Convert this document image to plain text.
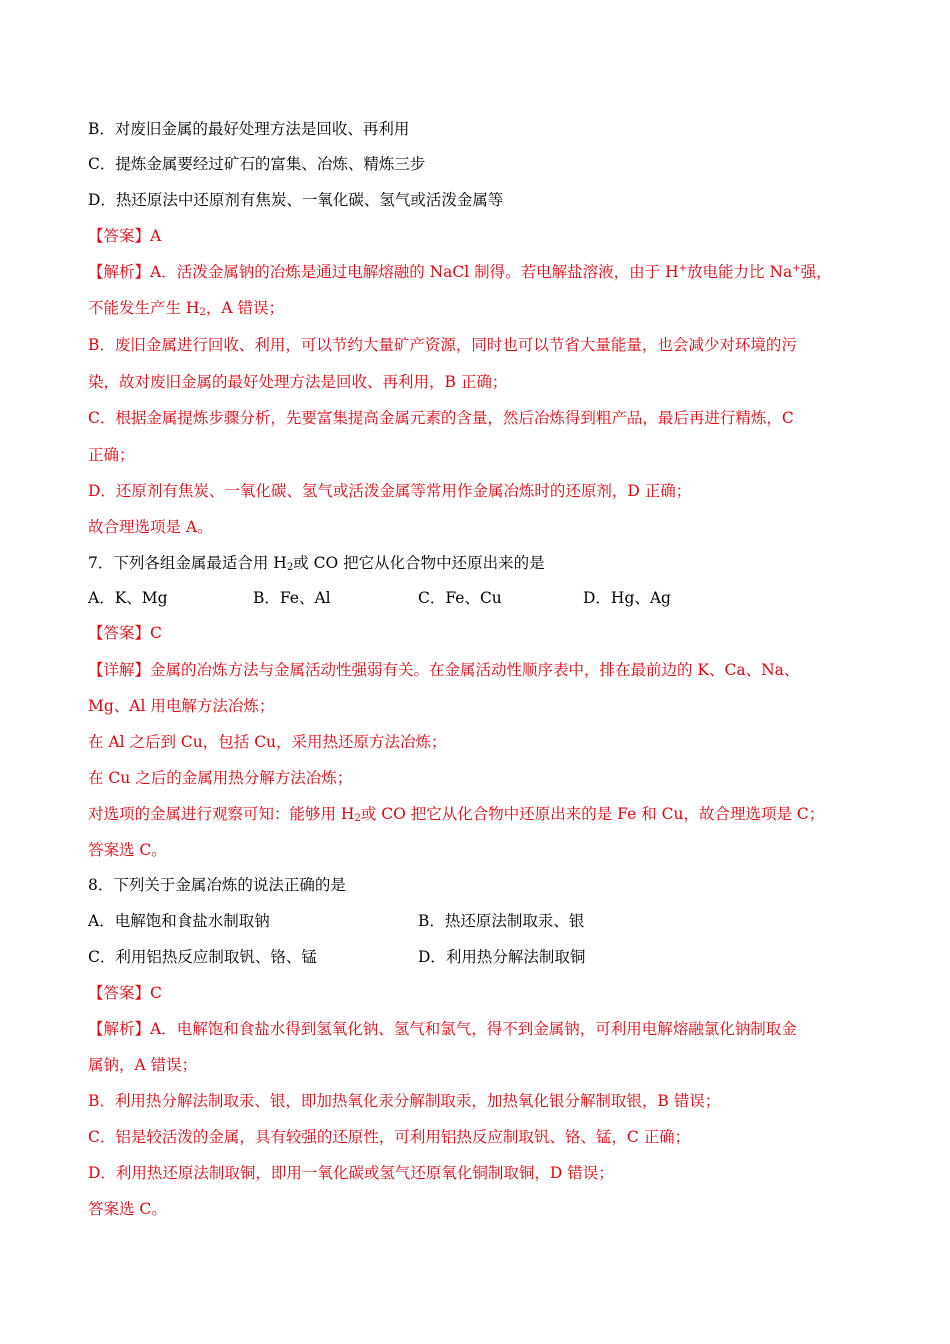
B．对废旧金属的最好处理方法是回收、再利用
C．提炼金属要经过矿石的富集、冶炼、精炼三步
D．热还原法中还原剂有焦炭、一氧化碳、氢气或活泼金属等
【答案】A
【解析】A．活泼金属钠的冶炼是通过电解熔融的 NaCl 制得。若电解盐溶液，由于 H+放电能力比 Na+强，
不能发生产生 $H_2$，A 错误；
B．废旧金属进行回收、利用，可以节约大量矿产资源，同时也可以节省大量能量，也会减少对环境的污
染，故对废旧金属的最好处理方法是回收、再利用，B 正确；
C．根据金属提炼步骤分析，先要富集提高金属元素的含量，然后冶炼得到粗产品，最后再进行精炼，C
正确；
D．还原剂有焦炭、一氧化碳、氢气或活泼金属等常用作金属冶炼时的还原剂，D 正确；
故合理选项是 A。
7．下列各组金属最适合用 $H_2$或 CO 把它从化合物中还原出来的是
A．K、Mg	B．Fe、Al	C．Fe、Cu	D．Hg、Ag
【答案】C
【详解】金属的冶炼方法与金属活动性强弱有关。在金属活动性顺序表中，排在最前边的 K、Ca、Na、
Mg、Al 用电解方法冶炼；
在 Al 之后到 Cu，包括 Cu，采用热还原方法冶炼；
在 Cu 之后的金属用热分解方法冶炼；
对选项的金属进行观察可知：能够用 $H_2$或 CO 把它从化合物中还原出来的是 Fe 和 Cu，故合理选项是 C；
答案选 C。
8．下列关于金属冶炼的说法正确的是
A．电解饱和食盐水制取钠	B．热还原法制取汞、银
C．利用铝热反应制取钒、铬、锰	D．利用热分解法制取铜
【答案】C
【解析】A．电解饱和食盐水得到氢氧化钠、氢气和氯气，得不到金属钠，可利用电解熔融氯化钠制取金
属钠，A 错误；
B．利用热分解法制取汞、银，即加热氧化汞分解制取汞，加热氧化银分解制取银，B 错误；
C．铝是较活泼的金属，具有较强的还原性，可利用铝热反应制取钒、铬、锰，C 正确；
D．利用热还原法制取铜，即用一氧化碳或氢气还原氧化铜制取铜，D 错误；
答案选 C。
